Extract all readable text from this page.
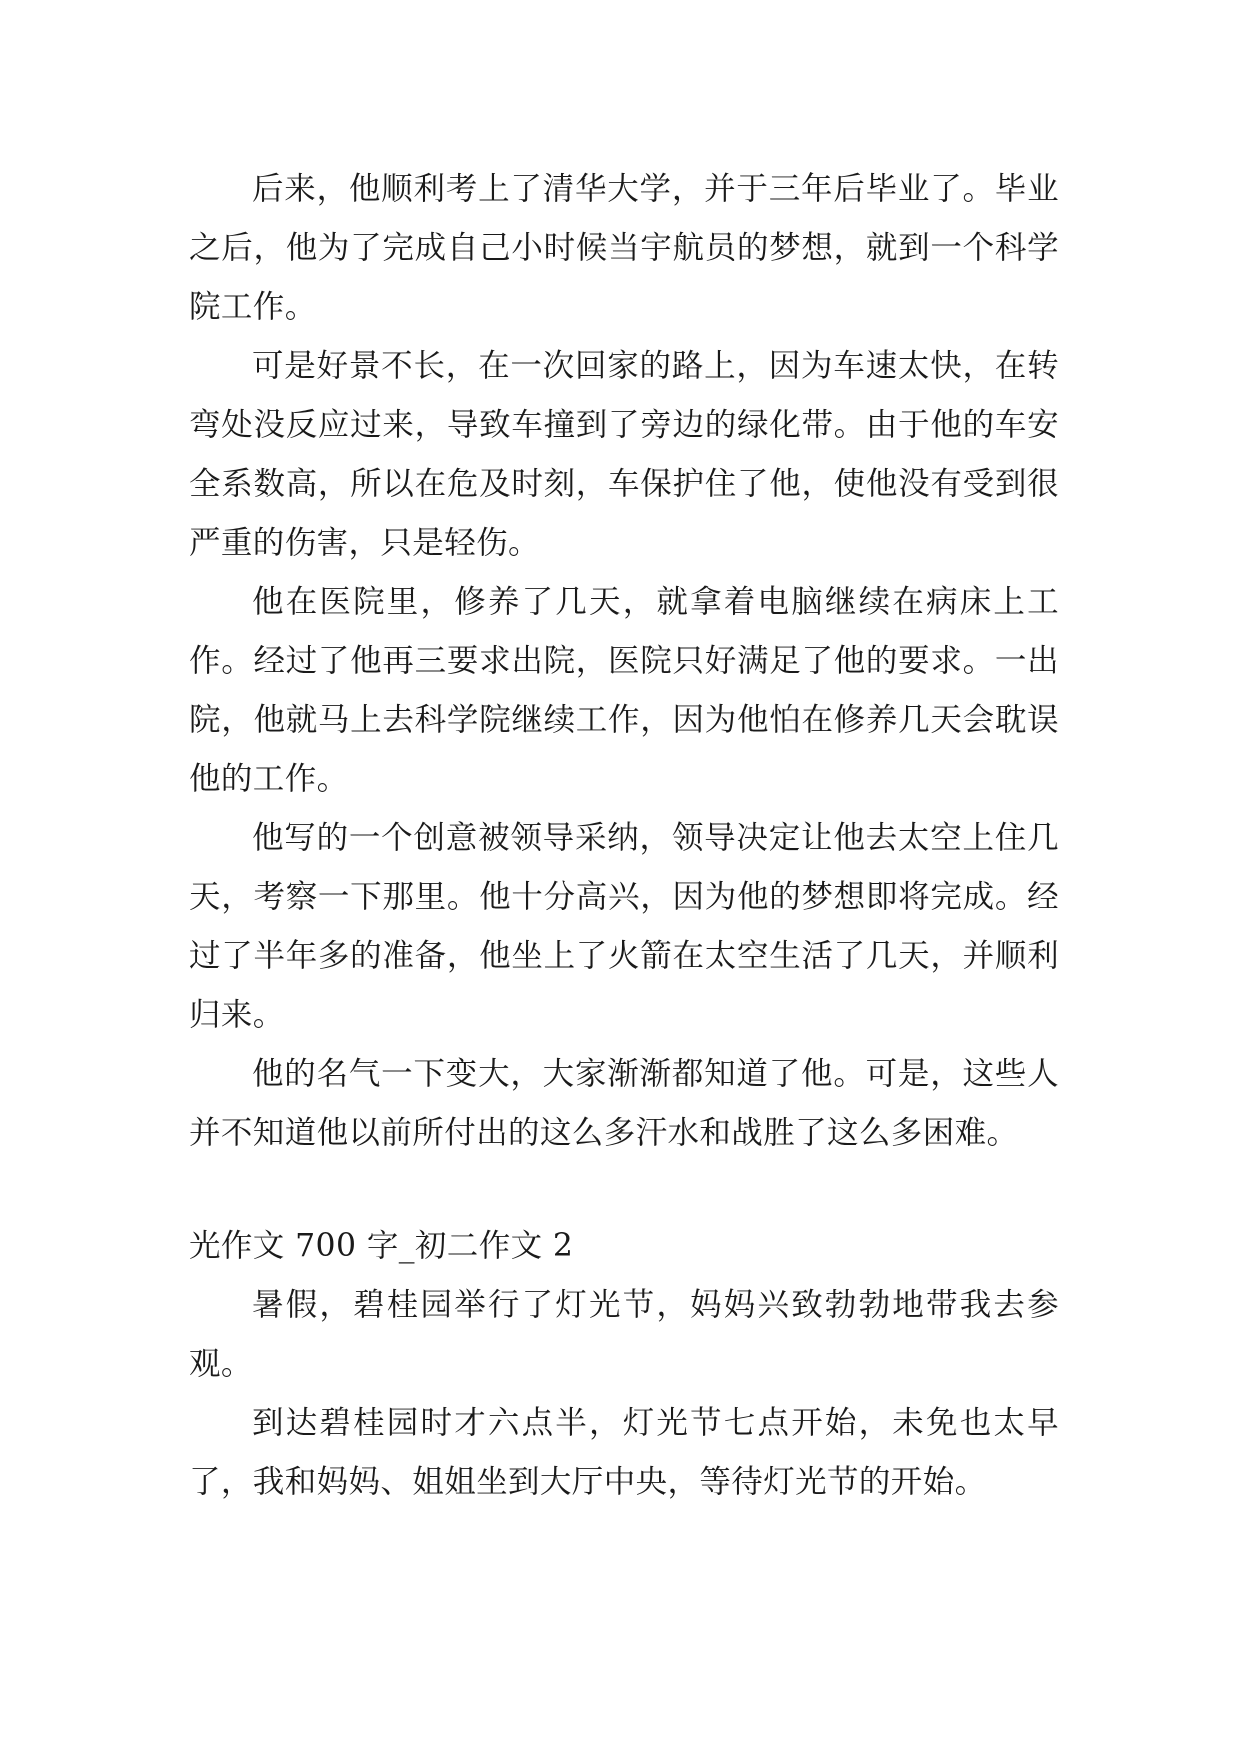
后来，他顺利考上了清华大学，并于三年后毕业了。毕业之后，他为了完成自己小时候当宇航员的梦想，就到一个科学院工作。

可是好景不长，在一次回家的路上，因为车速太快，在转弯处没反应过来，导致车撞到了旁边的绿化带。由于他的车安全系数高，所以在危及时刻，车保护住了他，使他没有受到很严重的伤害，只是轻伤。

他在医院里，修养了几天，就拿着电脑继续在病床上工作。经过了他再三要求出院，医院只好满足了他的要求。一出院，他就马上去科学院继续工作，因为他怕在修养几天会耽误他的工作。

他写的一个创意被领导采纳，领导决定让他去太空上住几天，考察一下那里。他十分高兴，因为他的梦想即将完成。经过了半年多的准备，他坐上了火箭在太空生活了几天，并顺利归来。

他的名气一下变大，大家渐渐都知道了他。可是，这些人并不知道他以前所付出的这么多汗水和战胜了这么多困难。

光作文 700 字_初二作文 2

暑假，碧桂园举行了灯光节，妈妈兴致勃勃地带我去参观。

到达碧桂园时才六点半，灯光节七点开始，未免也太早了，我和妈妈、姐姐坐到大厅中央，等待灯光节的开始。
